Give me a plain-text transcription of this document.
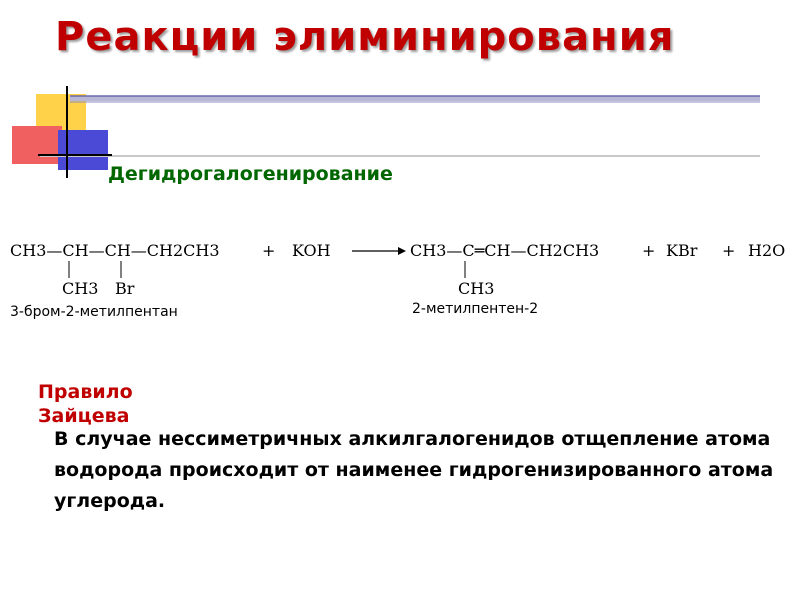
Реакции элиминирования
Дегидрогалогенирование
CH3—CH—CH—CH2CH3
CH3 Br
+ KOH	CH3—C═CH—CH2CH3
CH3
+ KBr + H2O
3-бром-2-метилпентан	2-метилпентен-2
Правило Зайцева
В случае нессиметричных алкилгалогенидов отщепление атома водорода происходит от наименее гидрогенизированного атома углерода.
